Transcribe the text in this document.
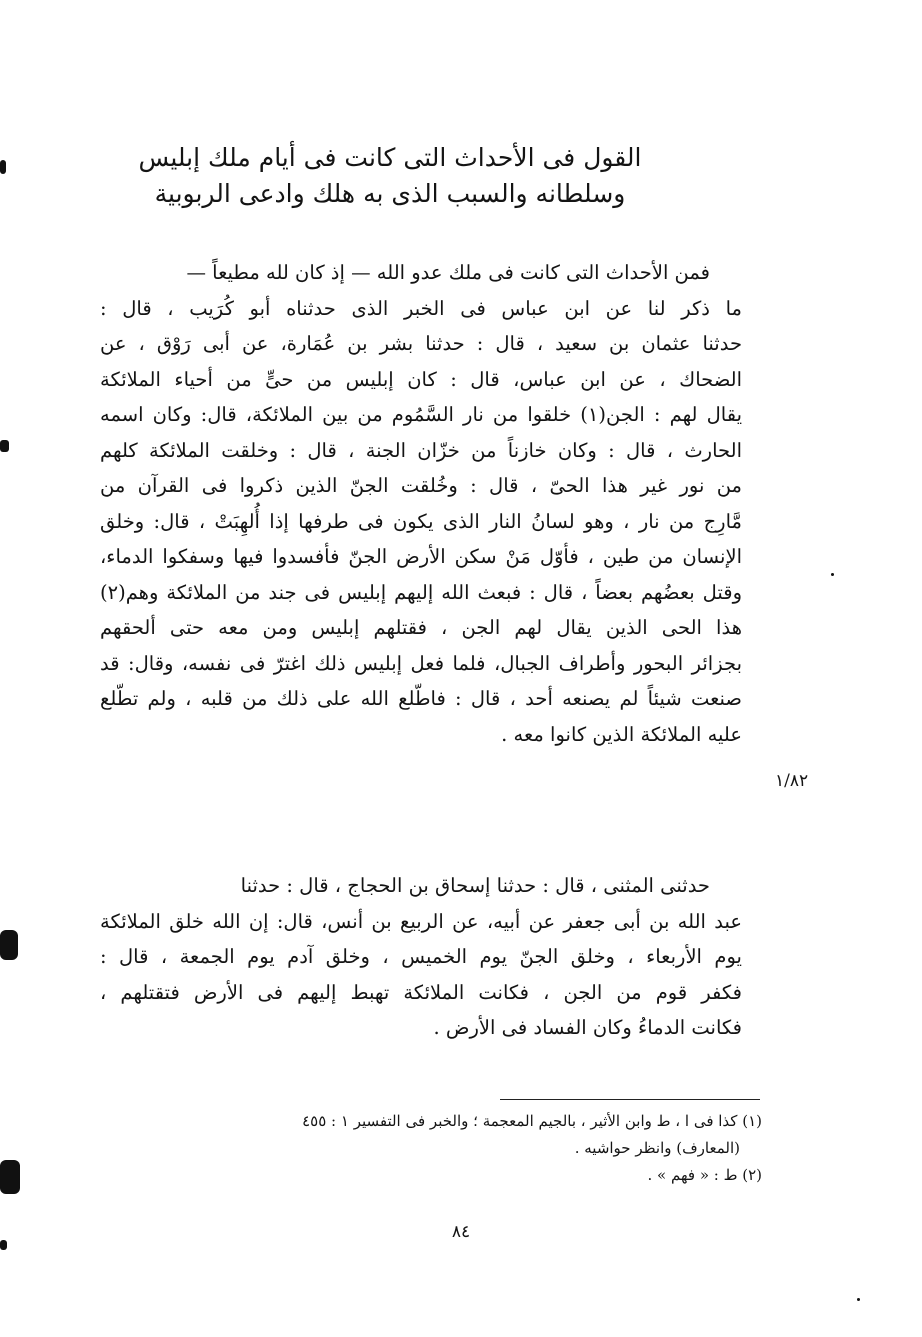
القول فى الأحداث التى كانت فى أيام ملك إبليس
وسلطانه والسبب الذى به هلك وادعى الربوبية
فمن الأحداث التى كانت فى ملك عدو الله — إذ كان لله مطيعاً —
ما ذكر لنا عن ابن عباس فى الخبر الذى حدثناه أبو كُرَيب ، قال :
حدثنا عثمان بن سعيد ، قال : حدثنا بشر بن عُمَارة، عن أبى رَوْق ، عن
الضحاك ، عن ابن عباس، قال : كان إبليس من حىٍّ من أحياء الملائكة
يقال لهم : الجن(١) خلقوا من نار السَّمُوم من بين الملائكة، قال: وكان اسمه
الحارث ، قال : وكان خازناً من خزّان الجنة ، قال : وخلقت الملائكة كلهم
من نور غير هذا الحىّ ، قال : وخُلقت الجنّ الذين ذكروا فى القرآن من
مَّارِج من نار ، وهو لسانُ النار الذى يكون فى طرفها إذا أُلهِبَتْ ، قال: وخلق
الإنسان من طين ، فأوّل مَنْ سكن الأرض الجنّ فأفسدوا فيها وسفكوا الدماء،
وقتل بعضُهم بعضاً ، قال : فبعث الله إليهم إبليس فى جند من الملائكة وهم(٢)
هذا الحى الذين يقال لهم الجن ، فقتلهم إبليس ومن معه حتى ألحقهم
بجزائر البحور وأطراف الجبال، فلما فعل إبليس ذلك اغترّ فى نفسه، وقال: قد
صنعت شيئاً لم يصنعه أحد ، قال : فاطّلع الله على ذلك من قلبه ، ولم تطّلع
عليه الملائكة الذين كانوا معه .
١/٨٢
حدثنى المثنى ، قال : حدثنا إسحاق بن الحجاج ، قال : حدثنا
عبد الله بن أبى جعفر عن أبيه، عن الربيع بن أنس، قال: إن الله خلق الملائكة
يوم الأربعاء ، وخلق الجنّ يوم الخميس ، وخلق آدم يوم الجمعة ، قال :
فكفر قوم من الجن ، فكانت الملائكة تهبط إليهم فى الأرض فتقتلهم ،
فكانت الدماءُ وكان الفساد فى الأرض .
(١) كذا فى ا ، ط وابن الأثير ، بالجيم المعجمة ؛ والخبر فى التفسير ١ : ٤٥٥
(المعارف) وانظر حواشيه .
(٢) ط : « فهم » .
٨٤
